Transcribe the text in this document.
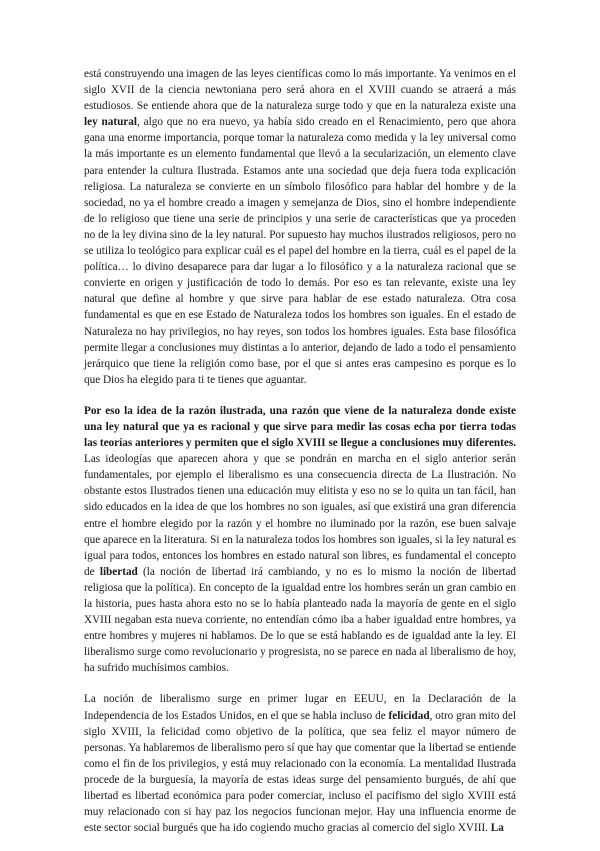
está construyendo una imagen de las leyes científicas como lo más importante. Ya venimos en el siglo XVII de la ciencia newtoniana pero será ahora en el XVIII cuando se atraerá a más estudiosos. Se entiende ahora que de la naturaleza surge todo y que en la naturaleza existe una ley natural, algo que no era nuevo, ya había sido creado en el Renacimiento, pero que ahora gana una enorme importancia, porque tomar la naturaleza como medida y la ley universal como la más importante es un elemento fundamental que llevó a la secularización, un elemento clave para entender la cultura Ilustrada. Estamos ante una sociedad que deja fuera toda explicación religiosa. La naturaleza se convierte en un símbolo filosófico para hablar del hombre y de la sociedad, no ya el hombre creado a imagen y semejanza de Dios, sino el hombre independiente de lo religioso que tiene una serie de principios y una serie de características que ya proceden no de la ley divina sino de la ley natural. Por supuesto hay muchos ilustrados religiosos, pero no se utiliza lo teológico para explicar cuál es el papel del hombre en la tierra, cuál es el papel de la política… lo divino desaparece para dar lugar a lo filosófico y a la naturaleza racional que se convierte en origen y justificación de todo lo demás. Por eso es tan relevante, existe una ley natural que define al hombre y que sirve para hablar de ese estado naturaleza. Otra cosa fundamental es que en ese Estado de Naturaleza todos los hombres son iguales. En el estado de Naturaleza no hay privilegios, no hay reyes, son todos los hombres iguales. Esta base filosófica permite llegar a conclusiones muy distintas a lo anterior, dejando de lado a todo el pensamiento jerárquico que tiene la religión como base, por el que si antes eras campesino es porque es lo que Dios ha elegido para ti te tienes que aguantar.

Por eso la idea de la razón ilustrada, una razón que viene de la naturaleza donde existe una ley natural que ya es racional y que sirve para medir las cosas echa por tierra todas las teorías anteriores y permiten que el siglo XVIII se llegue a conclusiones muy diferentes. Las ideologías que aparecen ahora y que se pondrán en marcha en el siglo anterior serán fundamentales, por ejemplo el liberalismo es una consecuencia directa de La Ilustración. No obstante estos Ilustrados tienen una educación muy elitista y eso no se lo quita un tan fácil, han sido educados en la idea de que los hombres no son iguales, así que existirá una gran diferencia entre el hombre elegido por la razón y el hombre no iluminado por la razón, ese buen salvaje que aparece en la literatura. Si en la naturaleza todos los hombres son iguales, si la ley natural es igual para todos, entonces los hombres en estado natural son libres, es fundamental el concepto de libertad (la noción de libertad irá cambiando, y no es lo mismo la noción de libertad religiosa que la política). En concepto de la igualdad entre los hombres serán un gran cambio en la historia, pues hasta ahora esto no se lo había planteado nada la mayoría de gente en el siglo XVIII negaban esta nueva corriente, no entendían cómo iba a haber igualdad entre hombres, ya entre hombres y mujeres ni hablamos. De lo que se está hablando es de igualdad ante la ley. El liberalismo surge como revolucionario y progresista, no se parece en nada al liberalismo de hoy, ha sufrido muchísimos cambios.

La noción de liberalismo surge en primer lugar en EEUU, en la Declaración de la Independencia de los Estados Unidos, en el que se habla incluso de felicidad, otro gran mito del siglo XVIII, la felicidad como objetivo de la política, que sea feliz el mayor número de personas. Ya hablaremos de liberalismo pero sí que hay que comentar que la libertad se entiende como el fin de los privilegios, y está muy relacionado con la economía. La mentalidad Ilustrada procede de la burguesía, la mayoría de estas ideas surge del pensamiento burgués, de ahí que libertad es libertad económica para poder comerciar, incluso el pacifismo del siglo XVIII está muy relacionado con si hay paz los negocios funcionan mejor. Hay una influencia enorme de este sector social burgués que ha ido cogiendo mucho gracias al comercio del siglo XVIII. La
